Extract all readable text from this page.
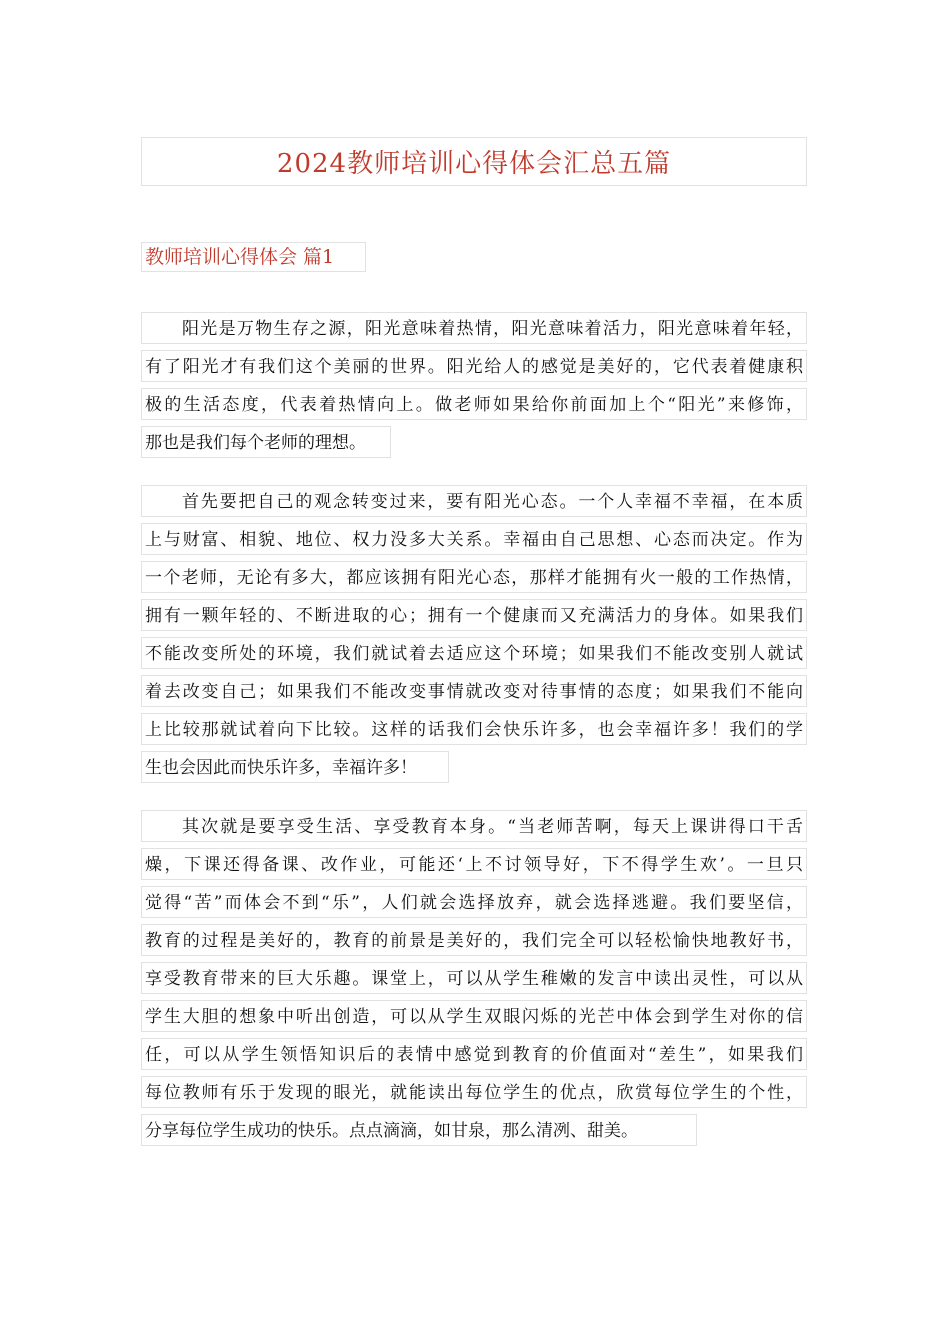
2024教师培训心得体会汇总五篇
教师培训心得体会 篇1
阳光是万物生存之源，阳光意味着热情，阳光意味着活力，阳光意味着年轻，
有了阳光才有我们这个美丽的世界。阳光给人的感觉是美好的，它代表着健康积
极的生活态度，代表着热情向上。做老师如果给你前面加上个“阳光”来修饰，
那也是我们每个老师的理想。
首先要把自己的观念转变过来，要有阳光心态。一个人幸福不幸福，在本质
上与财富、相貌、地位、权力没多大关系。幸福由自己思想、心态而决定。作为
一个老师，无论有多大，都应该拥有阳光心态，那样才能拥有火一般的工作热情，
拥有一颗年轻的、不断进取的心；拥有一个健康而又充满活力的身体。如果我们
不能改变所处的环境，我们就试着去适应这个环境；如果我们不能改变别人就试
着去改变自己；如果我们不能改变事情就改变对待事情的态度；如果我们不能向
上比较那就试着向下比较。这样的话我们会快乐许多，也会幸福许多！我们的学
生也会因此而快乐许多，幸福许多！
其次就是要享受生活、享受教育本身。“当老师苦啊，每天上课讲得口干舌
燥，下课还得备课、改作业，可能还‘上不讨领导好，下不得学生欢’。一旦只
觉得“苦”而体会不到“乐”，人们就会选择放弃，就会选择逃避。我们要坚信，
教育的过程是美好的，教育的前景是美好的，我们完全可以轻松愉快地教好书，
享受教育带来的巨大乐趣。课堂上，可以从学生稚嫩的发言中读出灵性，可以从
学生大胆的想象中听出创造，可以从学生双眼闪烁的光芒中体会到学生对你的信
任，可以从学生领悟知识后的表情中感觉到教育的价值面对“差生”，如果我们
每位教师有乐于发现的眼光，就能读出每位学生的优点，欣赏每位学生的个性，
分享每位学生成功的快乐。点点滴滴，如甘泉，那么清冽、甜美。
